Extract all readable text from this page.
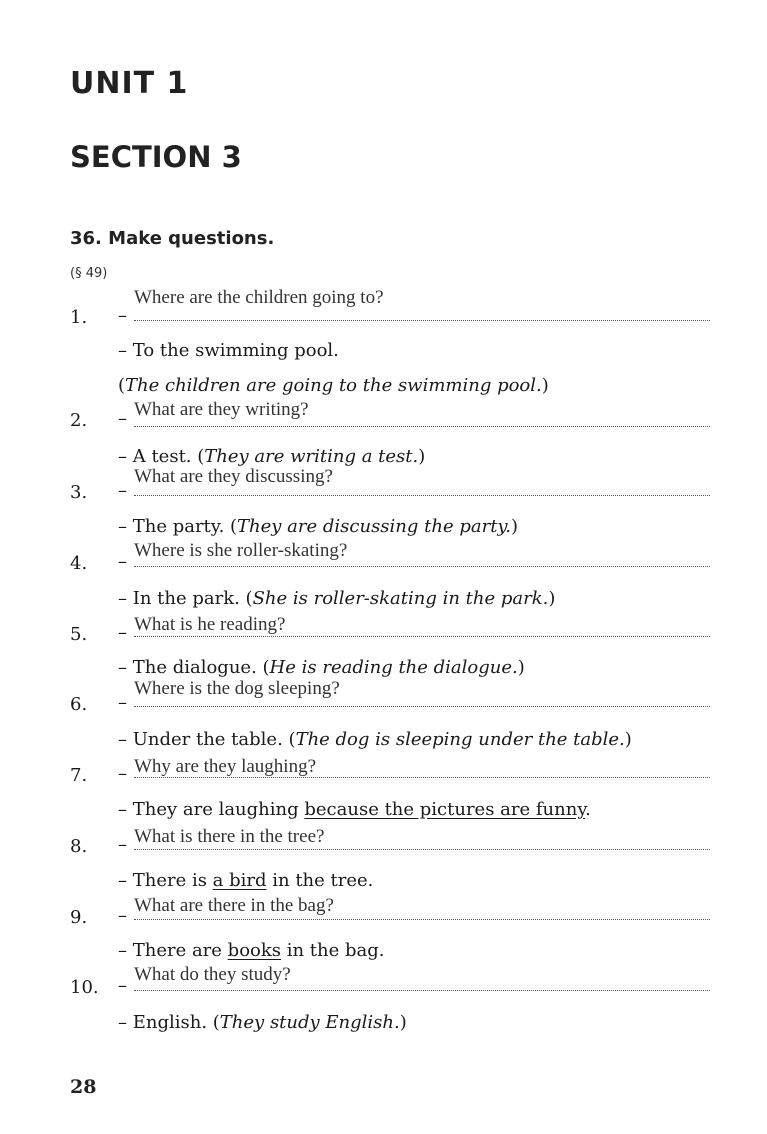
UNIT 1
SECTION 3
36. Make questions.
(§ 49)
Where are the children going to?
1.	–
– To the swimming pool.
(The children are going to the swimming pool.)
What are they writing?
2.	–
– A test. (They are writing a test.)
What are they discussing?
3.	–
– The party. (They are discussing the party.)
Where is she roller-skating?
4.	–
– In the park. (She is roller-skating in the park.)
What is he reading?
5.	–
– The dialogue. (He is reading the dialogue.)
Where is the dog sleeping?
6.	–
– Under the table. (The dog is sleeping under the table.)
Why are they laughing?
7.	–
– They are laughing because the pictures are funny.
What is there in the tree?
8.	–
– There is a bird in the tree.
What are there in the bag?
9.	–
– There are books in the bag.
What do they study?
10.	–
– English. (They study English.)
28
